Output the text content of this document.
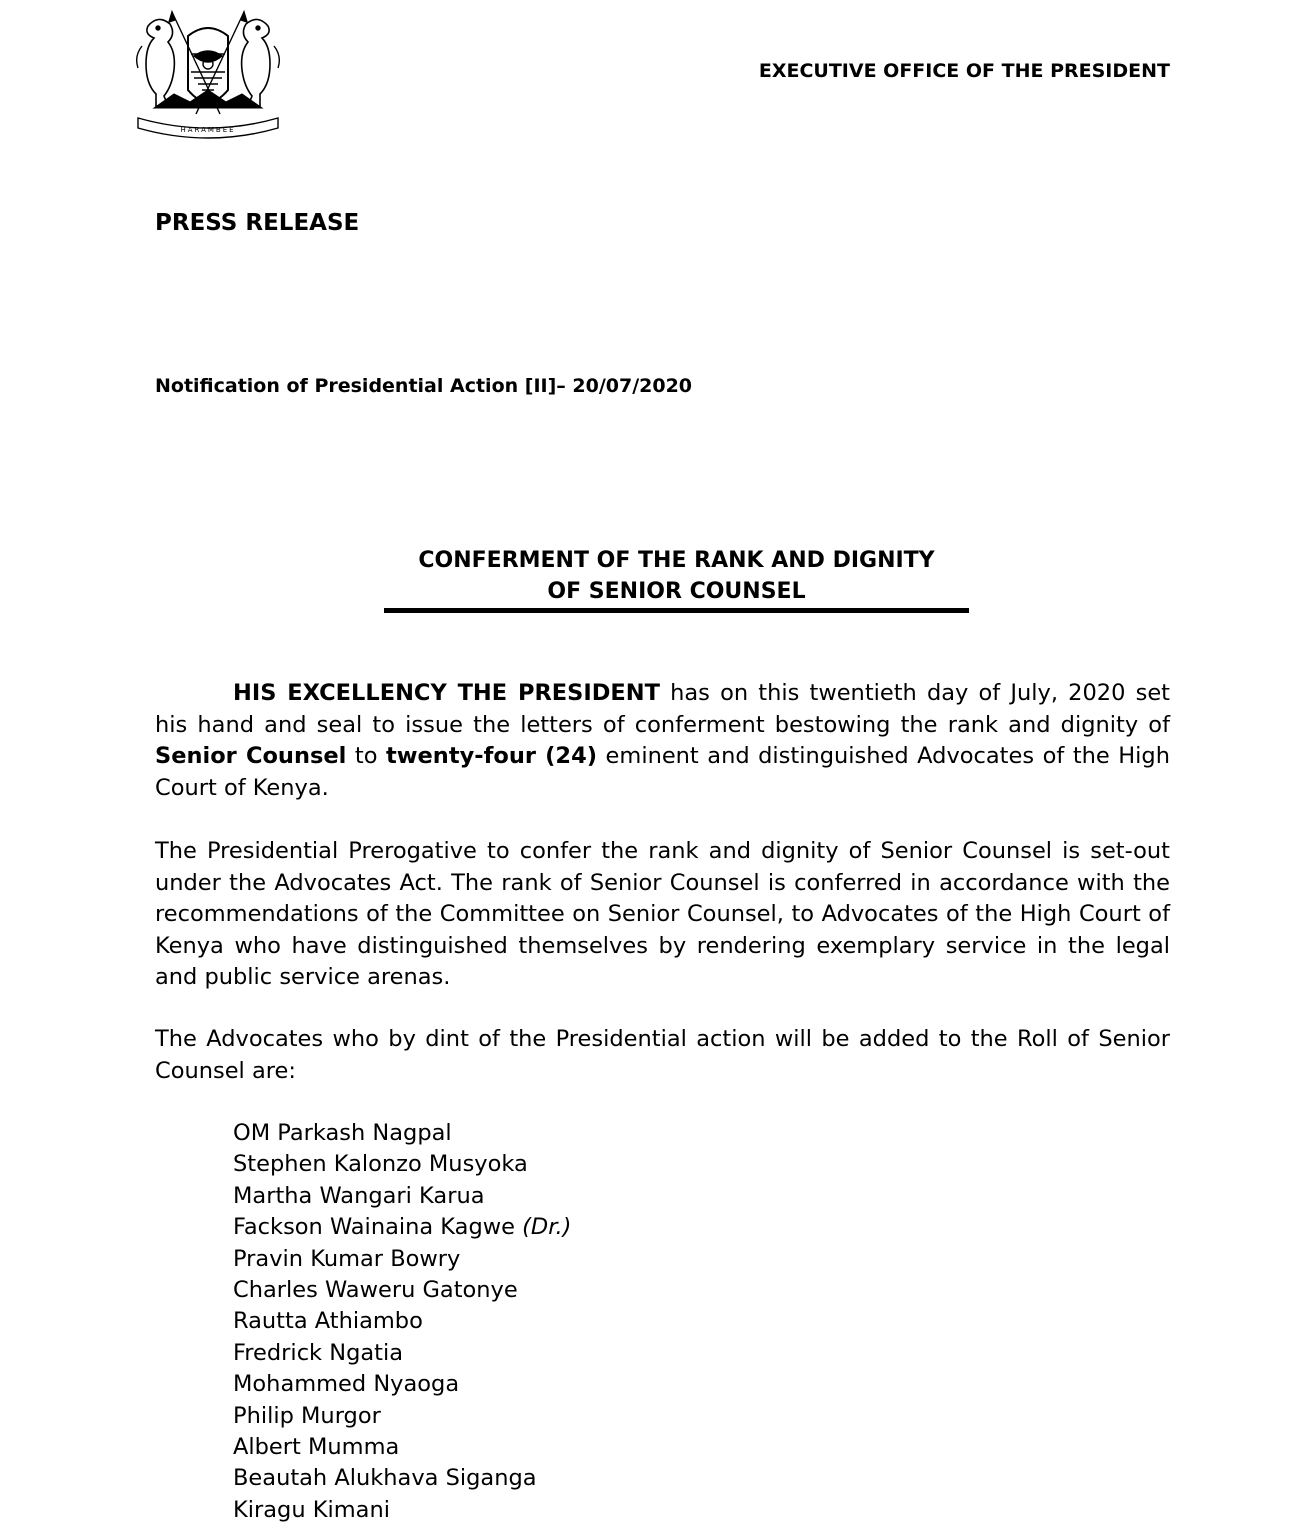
HARAMBEE
EXECUTIVE OFFICE OF THE PRESIDENT
PRESS RELEASE
Notification of Presidential Action [II]– 20/07/2020
CONFERMENT OF THE RANK AND DIGNITY
OF SENIOR COUNSEL

HIS EXCELLENCY THE PRESIDENT has on this twentieth day of July, 2020 set his hand and seal to issue the letters of conferment bestowing the rank and dignity of Senior Counsel to twenty-four (24) eminent and distinguished Advocates of the High Court of Kenya.

The Presidential Prerogative to confer the rank and dignity of Senior Counsel is set-out under the Advocates Act. The rank of Senior Counsel is conferred in accordance with the recommendations of the Committee on Senior Counsel, to Advocates of the High Court of Kenya who have distinguished themselves by rendering exemplary service in the legal and public service arenas.

The Advocates who by dint of the Presidential action will be added to the Roll of Senior Counsel are:

OM Parkash Nagpal
Stephen Kalonzo Musyoka
Martha Wangari Karua
Fackson Wainaina Kagwe (Dr.)
Pravin Kumar Bowry
Charles Waweru Gatonye
Rautta Athiambo
Fredrick Ngatia
Mohammed Nyaoga
Philip Murgor
Albert Mumma
Beautah Alukhava Siganga
Kiragu Kimani
